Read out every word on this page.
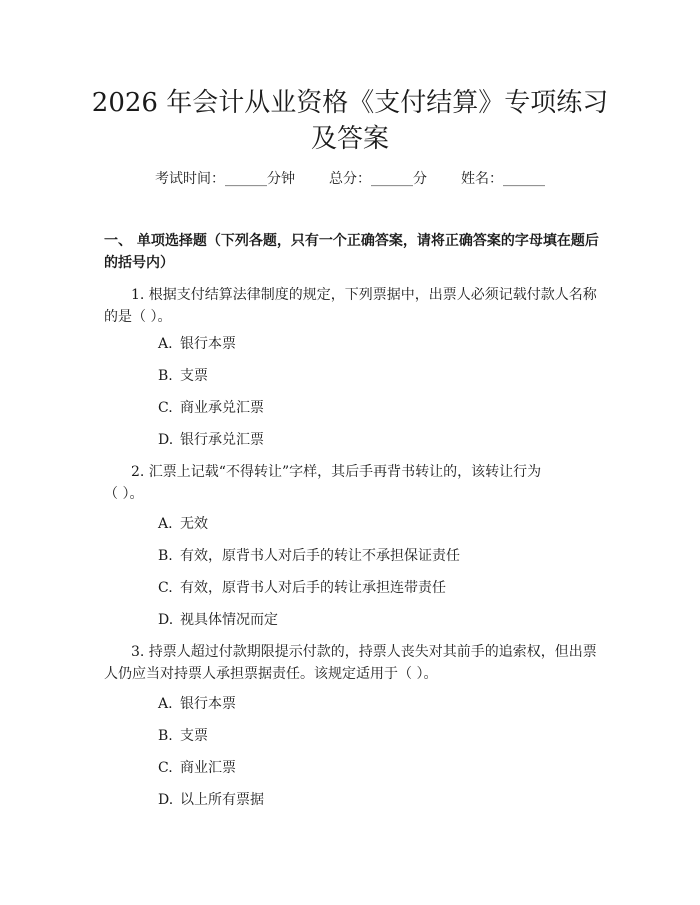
2026 年会计从业资格《支付结算》专项练习
及答案
考试时间：______分钟 总分：______分 姓名：______
一、 单项选择题（下列各题，只有一个正确答案，请将正确答案的字母填在题后
的括号内）
1. 根据支付结算法律制度的规定，下列票据中，出票人必须记载付款人名称
的是（ ）。
A. 银行本票
B. 支票
C. 商业承兑汇票
D. 银行承兑汇票
2. 汇票上记载“不得转让”字样，其后手再背书转让的，该转让行为
（ ）。
A. 无效
B. 有效，原背书人对后手的转让不承担保证责任
C. 有效，原背书人对后手的转让承担连带责任
D. 视具体情况而定
3. 持票人超过付款期限提示付款的，持票人丧失对其前手的追索权，但出票
人仍应当对持票人承担票据责任。该规定适用于（ ）。
A. 银行本票
B. 支票
C. 商业汇票
D. 以上所有票据
